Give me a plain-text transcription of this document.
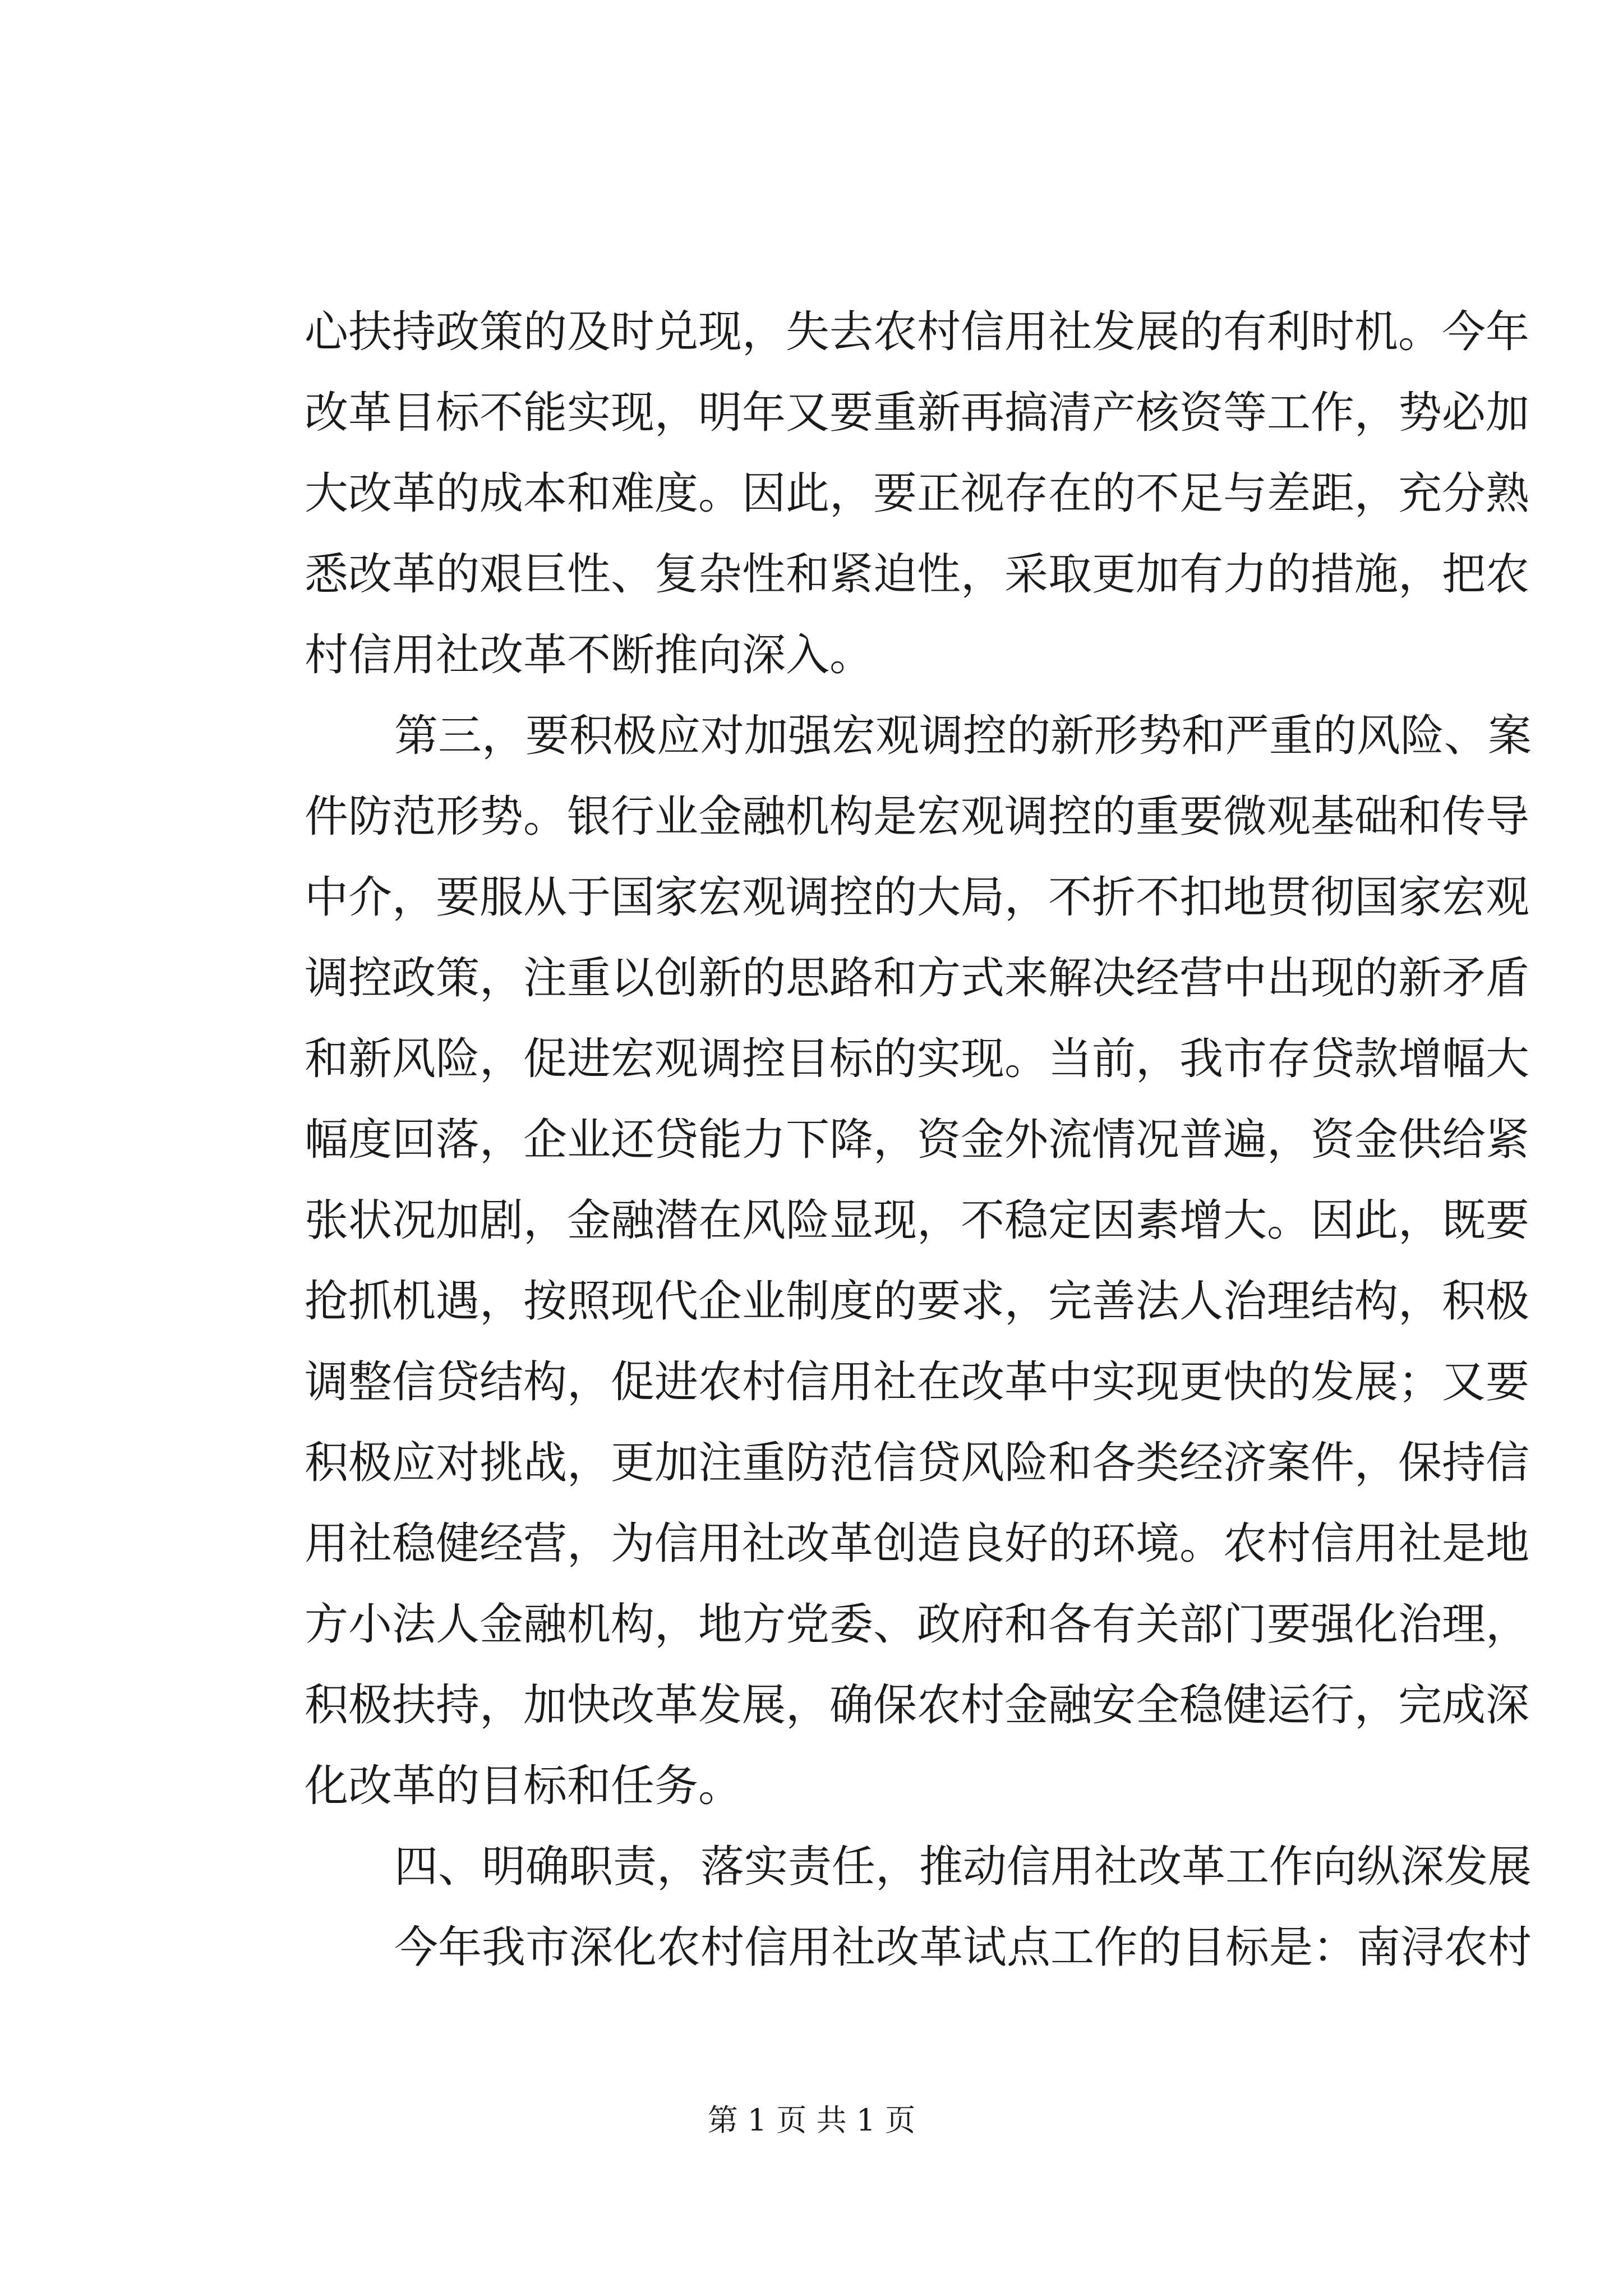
心扶持政策的及时兑现，失去农村信用社发展的有利时机。今年
改革目标不能实现，明年又要重新再搞清产核资等工作，势必加
大改革的成本和难度。因此，要正视存在的不足与差距，充分熟
悉改革的艰巨性、复杂性和紧迫性，采取更加有力的措施，把农
村信用社改革不断推向深入。
第三，要积极应对加强宏观调控的新形势和严重的风险、案
件防范形势。银行业金融机构是宏观调控的重要微观基础和传导
中介，要服从于国家宏观调控的大局，不折不扣地贯彻国家宏观
调控政策，注重以创新的思路和方式来解决经营中出现的新矛盾
和新风险，促进宏观调控目标的实现。当前，我市存贷款增幅大
幅度回落，企业还贷能力下降，资金外流情况普遍，资金供给紧
张状况加剧，金融潜在风险显现，不稳定因素增大。因此，既要
抢抓机遇，按照现代企业制度的要求，完善法人治理结构，积极
调整信贷结构，促进农村信用社在改革中实现更快的发展；又要
积极应对挑战，更加注重防范信贷风险和各类经济案件，保持信
用社稳健经营，为信用社改革创造良好的环境。农村信用社是地
方小法人金融机构，地方党委、政府和各有关部门要强化治理，
积极扶持，加快改革发展，确保农村金融安全稳健运行，完成深
化改革的目标和任务。
四、明确职责，落实责任，推动信用社改革工作向纵深发展
今年我市深化农村信用社改革试点工作的目标是：南浔农村
第 1 页 共 1 页
